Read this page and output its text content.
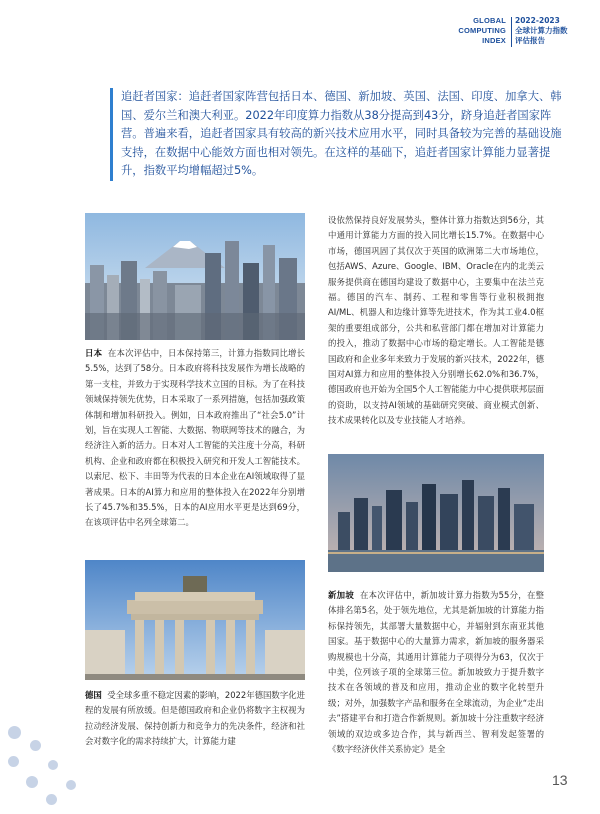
GLOBAL
COMPUTING
INDEX
2022-2023
全球计算力指数
评估报告
追赶者国家：追赶者国家阵营包括日本、德国、新加坡、英国、法国、印度、加拿大、韩国、爱尔兰和澳大利亚。2022年印度算力指数从38分提高到43分，跻身追赶者国家阵营。普遍来看，追赶者国家具有较高的新兴技术应用水平，同时具备较为完善的基础设施支持，在数据中心能效方面也相对领先。在这样的基础下，追赶者国家计算能力显著提升，指数平均增幅超过5%。
日本 在本次评估中，日本保持第三，计算力指数同比增长5.5%，达到了58分。日本政府将科技发展作为增长战略的第一支柱，并致力于实现科学技术立国的目标。为了在科技领域保持领先优势，日本采取了一系列措施，包括加强政策体制和增加科研投入。例如，日本政府推出了“社会5.0”计划，旨在实现人工智能、大数据、物联网等技术的融合，为经济注入新的活力。日本对人工智能的关注度十分高，科研机构、企业和政府都在积极投入研究和开发人工智能技术。以索尼、松下、丰田等为代表的日本企业在AI领域取得了显著成果。日本的AI算力和应用的整体投入在2022年分别增长了45.7%和35.5%，日本的AI应用水平更是达到69分，在该项评估中名列全球第二。
德国 受全球多重不稳定因素的影响，2022年德国数字化进程的发展有所放缓。但是德国政府和企业仍将数字主权视为拉动经济发展、保持创新力和竞争力的先决条件，经济和社会对数字化的需求持续扩大，计算能力建
设依然保持良好发展势头，整体计算力指数达到56分，其中通用计算能力方面的投入同比增长15.7%。在数据中心市场，德国巩固了其仅次于英国的欧洲第二大市场地位，包括AWS、Azure、Google、IBM、Oracle在内的北美云服务提供商在德国均建设了数据中心，主要集中在法兰克福。德国的汽车、制药、工程和零售等行业积极拥抱AI/ML、机器人和边缘计算等先进技术，作为其工业4.0框架的重要组成部分，公共和私营部门都在增加对计算能力的投入，推动了数据中心市场的稳定增长。人工智能是德国政府和企业多年来致力于发展的新兴技术，2022年，德国对AI算力和应用的整体投入分别增长62.0%和36.7%，德国政府也开始为全国5个人工智能能力中心提供联邦层面的资助，以支持AI领域的基础研究突破、商业模式创新、技术成果转化以及专业技能人才培养。
新加坡 在本次评估中，新加坡计算力指数为55分，在整体排名第5名，处于领先地位，尤其是新加坡的计算能力指标保持领先，其部署大量数据中心，并辐射到东南亚其他国家。基于数据中心的大量算力需求，新加坡的服务器采购规模也十分高，其通用计算能力子项得分为63，仅次于中美，位列该子项的全球第三位。新加坡致力于提升数字技术在各领域的普及和应用，推动企业的数字化转型升级；对外，加强数字产品和服务在全球流动，为企业“走出去”搭建平台和打造合作新规则。新加坡十分注重数字经济领域的双边或多边合作，其与新西兰、智利发起签署的《数字经济伙伴关系协定》是全
13
